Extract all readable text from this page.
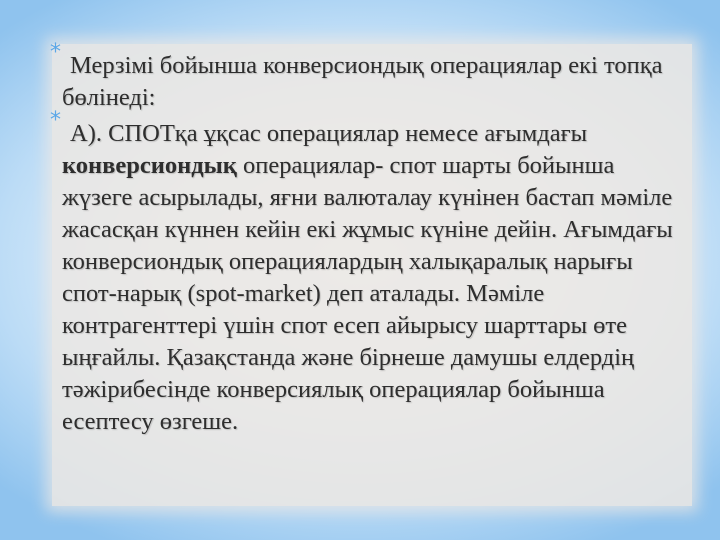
* Мерзімі бойынша конверсиондық операциялар екі топқа бөлінеді:
* А). СПОТқа ұқсас операциялар немесе ағымдағы конверсиондық операциялар- спот шарты бойынша жүзеге асырылады, яғни валюталау күнінен бастап мәміле жасасқан күннен кейін екі жұмыс күніне дейін. Ағымдағы конверсиондық операциялардың халықаралық нарығы спот-нарық (spot-market) деп аталады. Мәміле контрагенттері үшін спот есеп айырысу шарттары өте ыңғайлы. Қазақстанда және бірнеше дамушы елдердің тәжірибесінде конверсиялық операциялар бойынша есептесу өзгеше.
